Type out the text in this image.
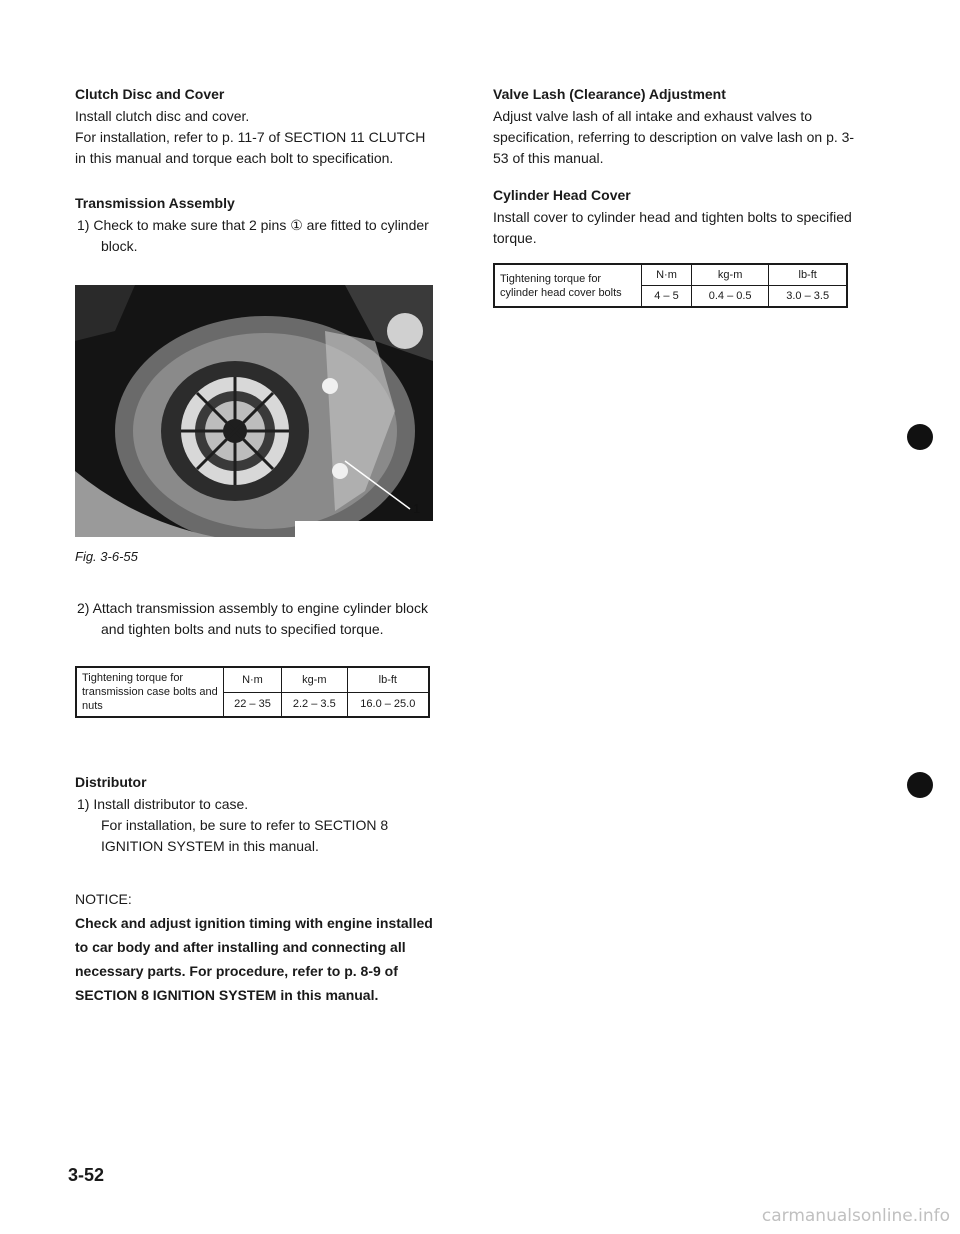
Clutch Disc and Cover

Install clutch disc and cover.

For installation, refer to p. 11-7 of SECTION 11 CLUTCH in this manual and torque each bolt to specification.

Transmission Assembly

1) Check to make sure that 2 pins ① are fitted to cylinder block.

1
Fig. 3-6-55

2) Attach transmission assembly to engine cylinder block and tighten bolts and nuts to specified torque.

Tightening torque for transmission case bolts and nuts	N·m	kg-m	lb-ft
	22 – 35	2.2 – 3.5	16.0 – 25.0
Distributor

1) Install distributor to case.

For installation, be sure to refer to SECTION 8 IGNITION SYSTEM in this manual.

NOTICE:
Check and adjust ignition timing with engine installed to car body and after installing and connecting all necessary parts. For procedure, refer to p. 8-9 of SECTION 8 IGNITION SYSTEM in this manual.
Valve Lash (Clearance) Adjustment

Adjust valve lash of all intake and exhaust valves to specification, referring to description on valve lash on p. 3-53 of this manual.

Cylinder Head Cover

Install cover to cylinder head and tighten bolts to specified torque.

Tightening torque for cylinder head cover bolts	N·m	kg-m	lb-ft
	4 – 5	0.4 – 0.5	3.0 – 3.5
3-52
carmanualsonline.info
